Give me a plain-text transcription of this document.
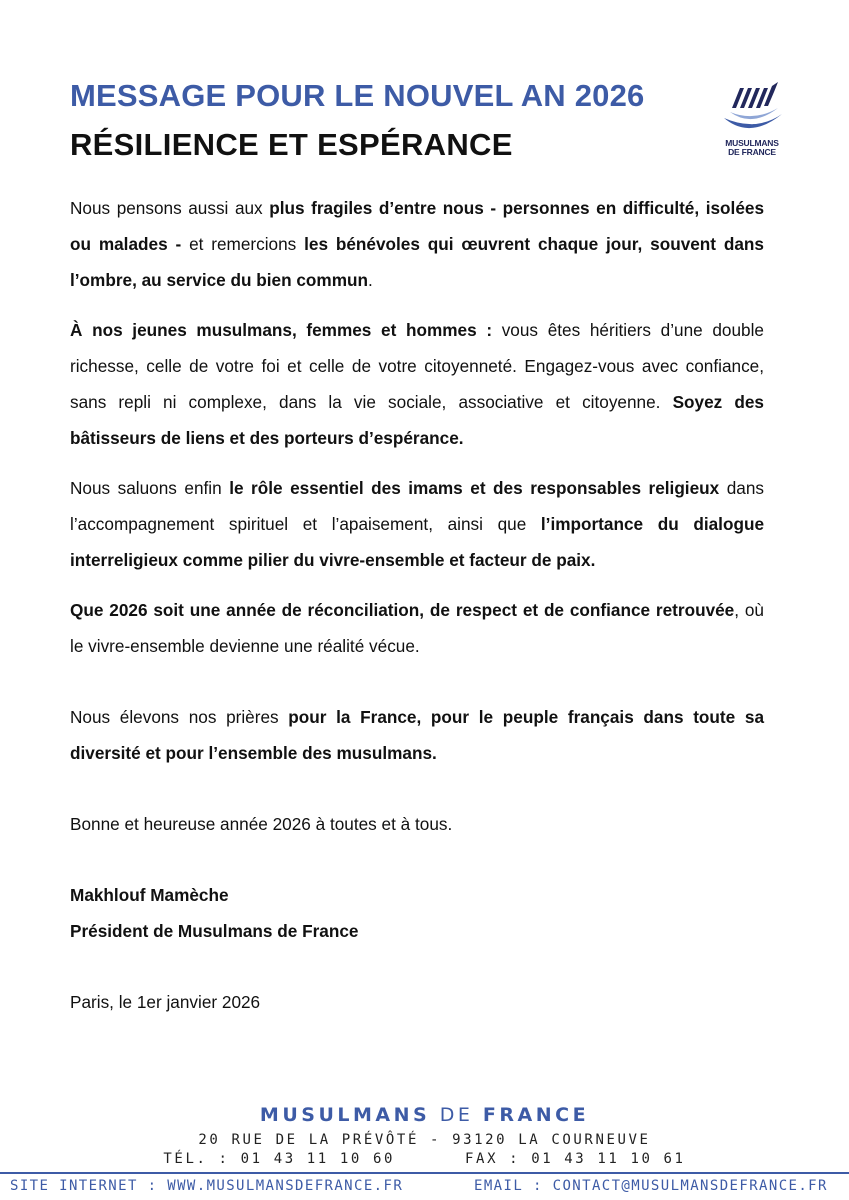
MESSAGE POUR LE NOUVEL AN 2026
RÉSILIENCE ET ESPÉRANCE	MUSULMANS
DE FRANCE

Nous pensons aussi aux plus fragiles d’entre nous - personnes en difficulté, isolées ou malades - et remercions les bénévoles qui œuvrent chaque jour, souvent dans l’ombre, au service du bien commun.

À nos jeunes musulmans, femmes et hommes : vous êtes héritiers d’une double richesse, celle de votre foi et celle de votre citoyenneté. Engagez-vous avec confiance, sans repli ni complexe, dans la vie sociale, associative et citoyenne. Soyez des bâtisseurs de liens et des porteurs d’espérance.

Nous saluons enfin le rôle essentiel des imams et des responsables religieux dans l’accompagnement spirituel et l’apaisement, ainsi que l’importance du dialogue interreligieux comme pilier du vivre-ensemble et facteur de paix.

Que 2026 soit une année de réconciliation, de respect et de confiance retrouvée, où le vivre-ensemble devienne une réalité vécue.

Nous élevons nos prières pour la France, pour le peuple français dans toute sa diversité et pour l’ensemble des musulmans.

Bonne et heureuse année 2026 à toutes et à tous.

Makhlouf Mamèche
Président de Musulmans de France

Paris, le 1er janvier 2026

MUSULMANS DE FRANCE
20 RUE DE LA PRÉVÔTÉ - 93120 LA COURNEUVE
TÉL. : 01 43 11 10 60	FAX : 01 43 11 10 61
SITE INTERNET : WWW.MUSULMANSDEFRANCE.FR	EMAIL : CONTACT@MUSULMANSDEFRANCE.FR
